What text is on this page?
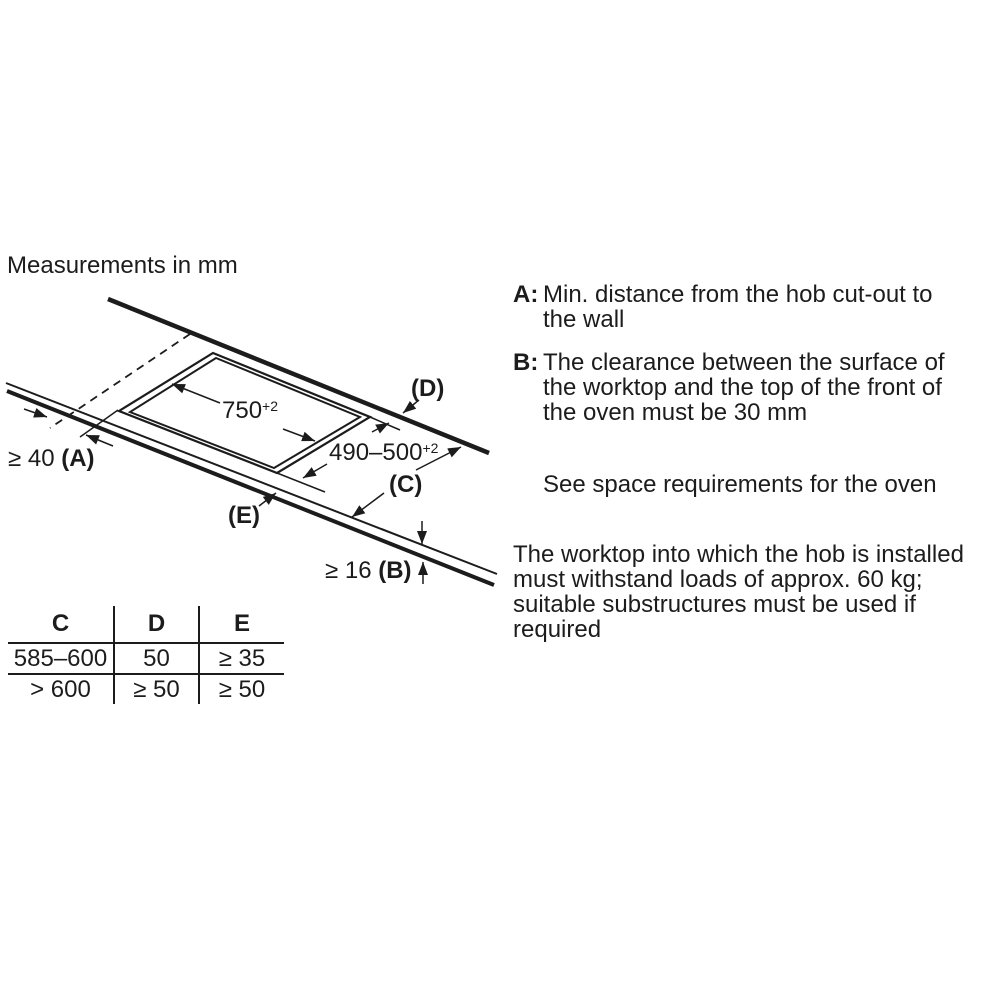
Measurements in mm
$750^{+2}$
$490-500^{+2}$
≥ 40 (A)
(D)
(C)
(E)
≥ 16 (B)
A: Min. distance from the hob cut-out to
the wall
B: The clearance between the surface of
the worktop and the top of the front of
the oven must be 30 mm
See space requirements for the oven
The worktop into which the hob is installed
must withstand loads of approx. 60 kg;
suitable substructures must be used if
required
C	D	E
585–600	50	≥ 35
> 600	≥ 50	≥ 50
